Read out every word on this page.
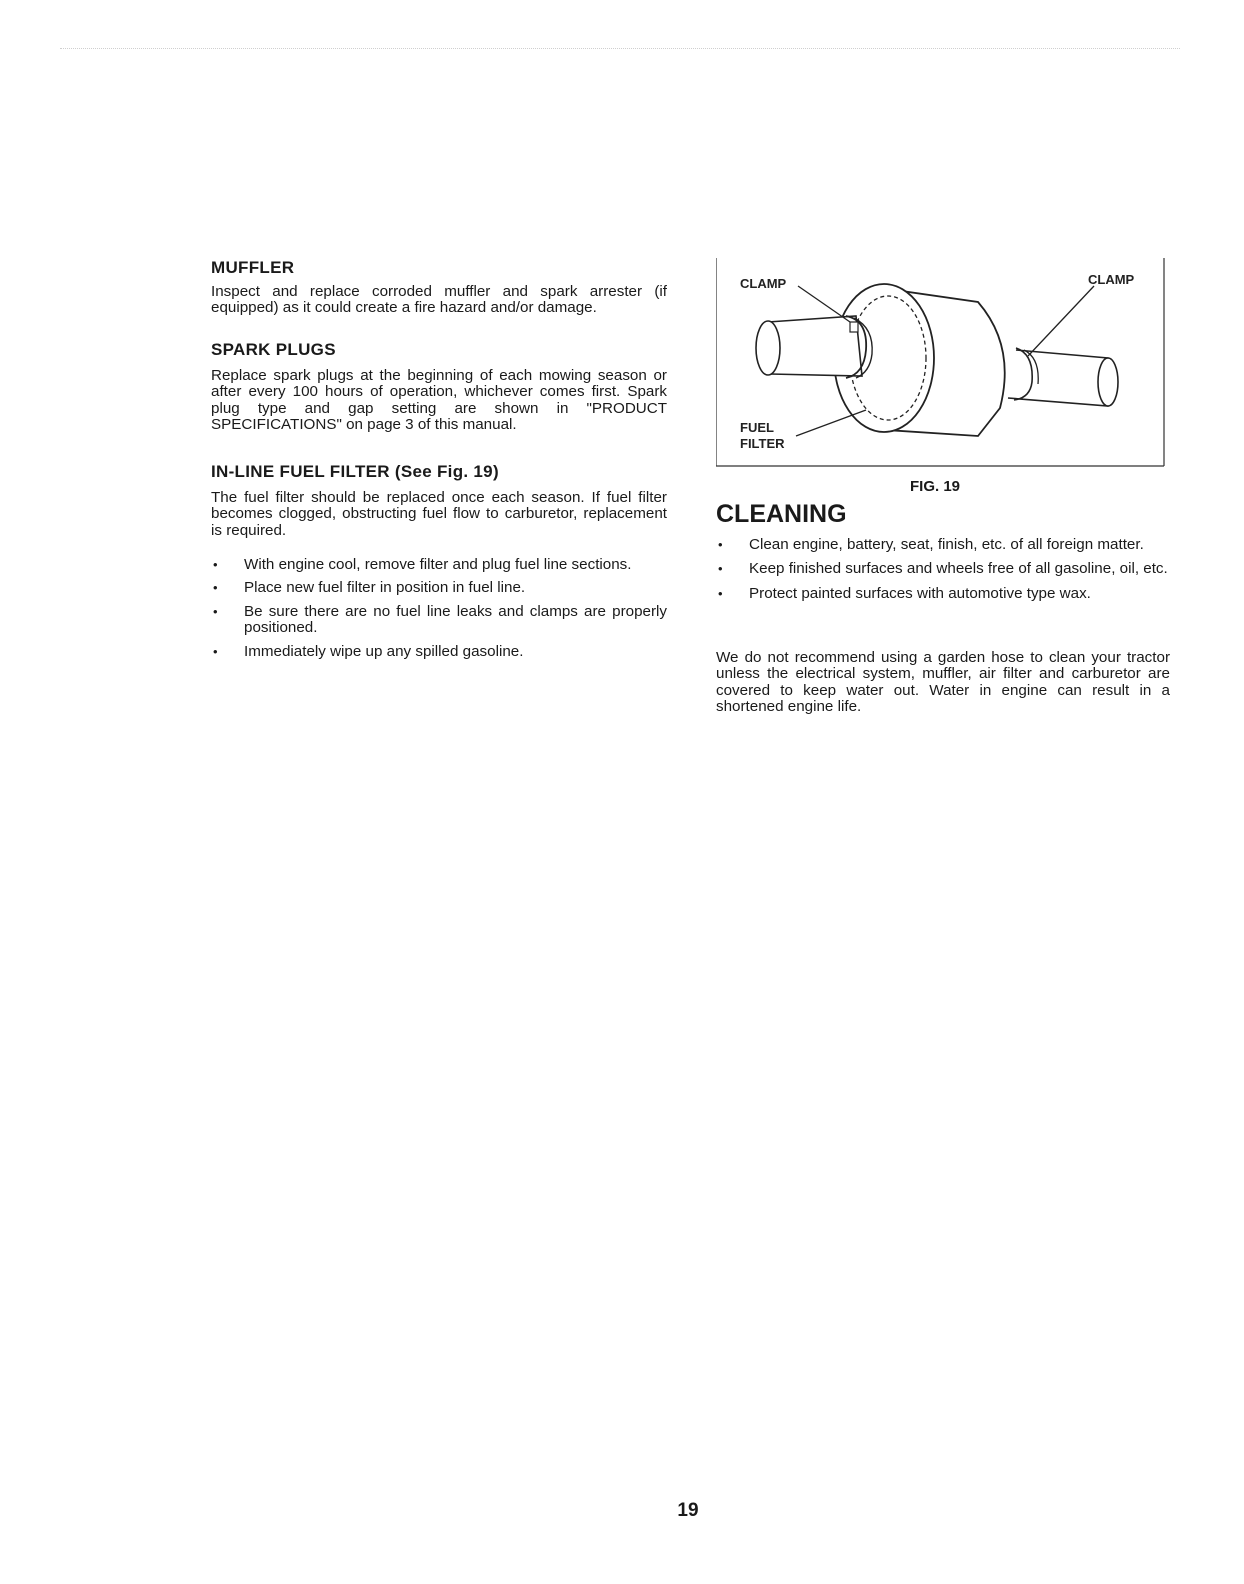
MUFFLER

Inspect and replace corroded muffler and spark arrester (if equipped) as it could create a fire hazard and/or damage.

SPARK PLUGS

Replace spark plugs at the beginning of each mowing season or after every 100 hours of operation, whichever comes first. Spark plug type and gap setting are shown in "PRODUCT SPECIFICATIONS" on page 3 of this manual.

IN-LINE FUEL FILTER (See Fig. 19)

The fuel filter should be replaced once each season. If fuel filter becomes clogged, obstructing fuel flow to carburetor, replacement is required.

• With engine cool, remove filter and plug fuel line sections.
• Place new fuel filter in position in fuel line.
• Be sure there are no fuel line leaks and clamps are properly positioned.
• Immediately wipe up any spilled gasoline.
CLAMP	CLAMP
FUEL
FILTER
FIG. 19
CLEANING
• Clean engine, battery, seat, finish, etc. of all foreign matter.
• Keep finished surfaces and wheels free of all gasoline, oil, etc.
• Protect painted surfaces with automotive type wax.

We do not recommend using a garden hose to clean your tractor unless the electrical system, muffler, air filter and carburetor are covered to keep water out. Water in engine can result in a shortened engine life.

19
